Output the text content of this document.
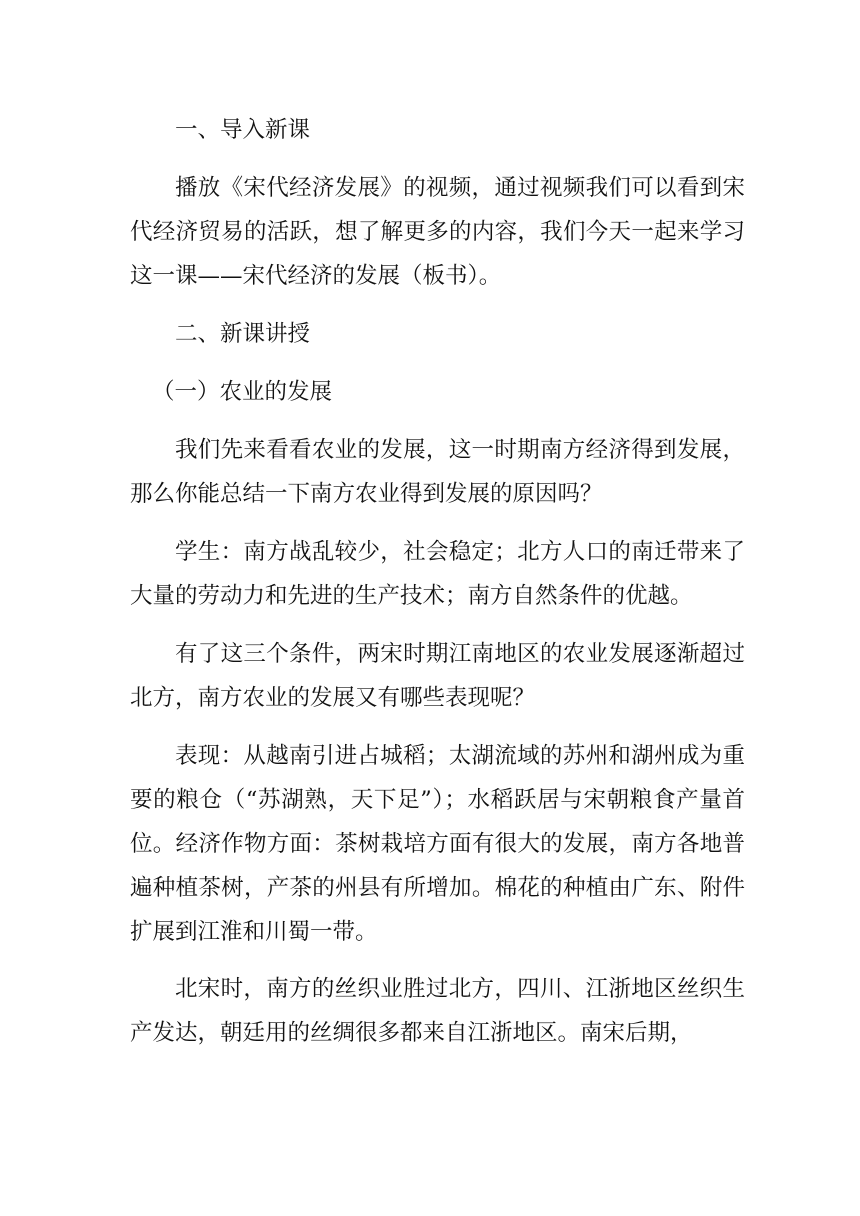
一、导入新课

播放《宋代经济发展》的视频，通过视频我们可以看到宋代经济贸易的活跃，想了解更多的内容，我们今天一起来学习这一课——宋代经济的发展（板书）。

二、新课讲授

（一）农业的发展

我们先来看看农业的发展，这一时期南方经济得到发展，那么你能总结一下南方农业得到发展的原因吗？

学生：南方战乱较少，社会稳定；北方人口的南迁带来了大量的劳动力和先进的生产技术；南方自然条件的优越。

有了这三个条件，两宋时期江南地区的农业发展逐渐超过北方，南方农业的发展又有哪些表现呢？

表现：从越南引进占城稻；太湖流域的苏州和湖州成为重要的粮仓（“苏湖熟，天下足”）；水稻跃居与宋朝粮食产量首位。经济作物方面：茶树栽培方面有很大的发展，南方各地普遍种植茶树，产茶的州县有所增加。棉花的种植由广东、附件扩展到江淮和川蜀一带。

北宋时，南方的丝织业胜过北方，四川、江浙地区丝织生产发达，朝廷用的丝绸很多都来自江浙地区。南宋后期，
